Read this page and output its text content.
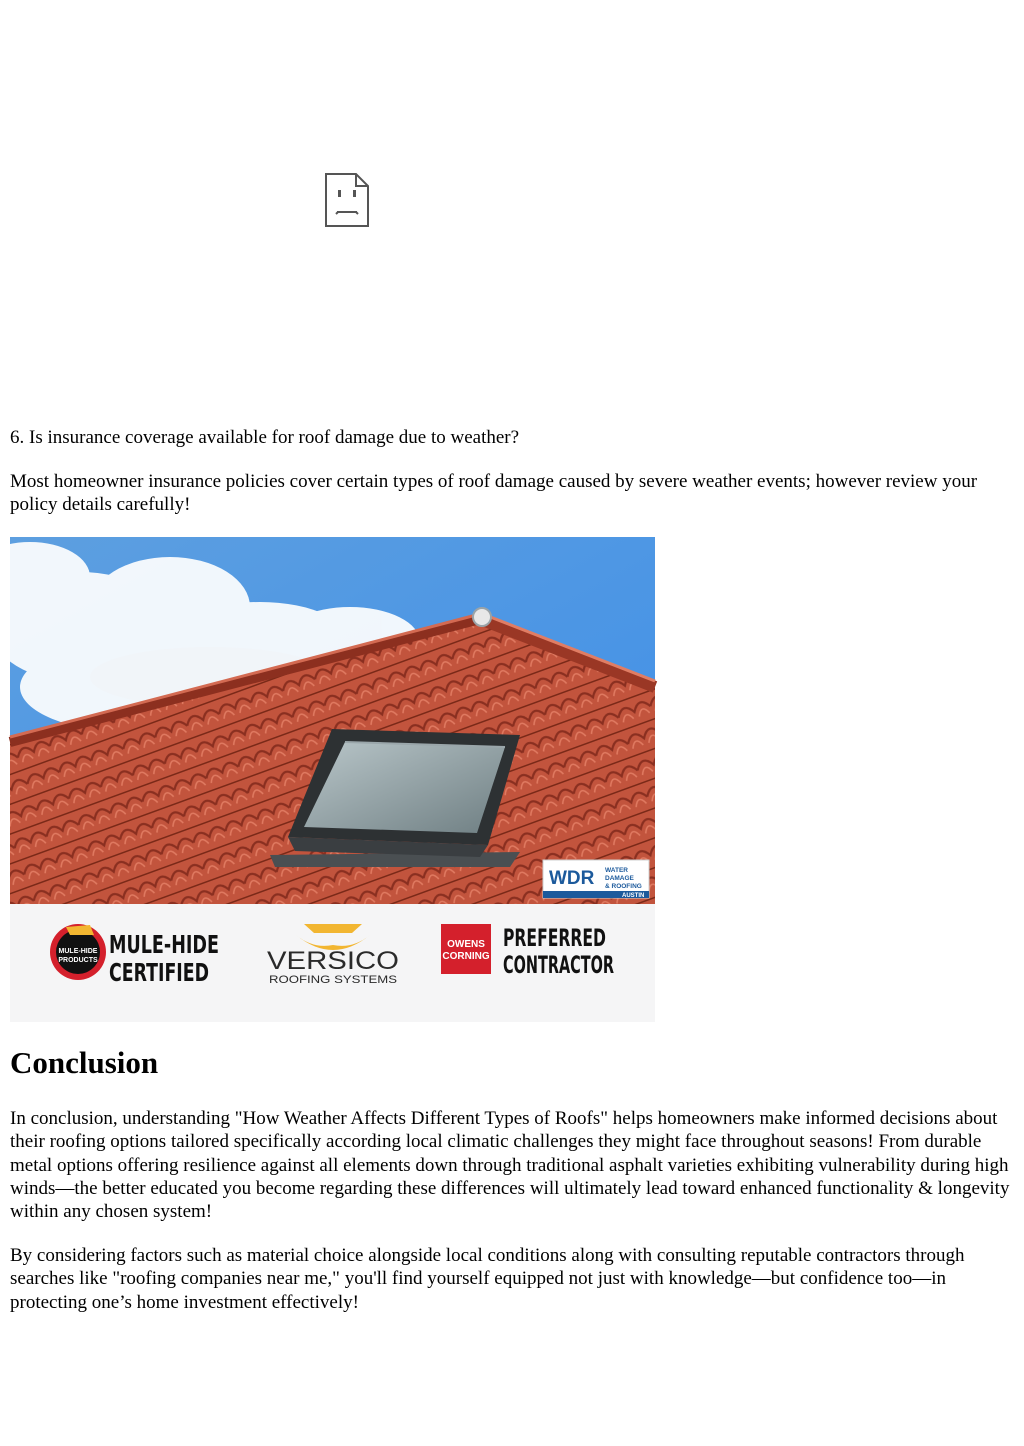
6. Is insurance coverage available for roof damage due to weather?

Most homeowner insurance policies cover certain types of roof damage caused by severe weather events; however review your policy details carefully!

WDR WATER
DAMAGE
& ROOFING
AUSTIN
MULE-HIDE
PRODUCTS
MULE-HIDE
CERTIFIED VERSICO
ROOFING SYSTEMS
OWENS
CORNING
PREFERRED
CONTRACTOR
Conclusion

In conclusion, understanding "How Weather Affects Different Types of Roofs" helps homeowners make informed decisions about their roofing options tailored specifically according local climatic challenges they might face throughout seasons! From durable metal options offering resilience against all elements down through traditional asphalt varieties exhibiting vulnerability during high winds—the better educated you become regarding these differences will ultimately lead toward enhanced functionality & longevity within any chosen system!

By considering factors such as material choice alongside local conditions along with consulting reputable contractors through searches like "roofing companies near me," you'll find yourself equipped not just with knowledge—but confidence too—in protecting one’s home investment effectively!
